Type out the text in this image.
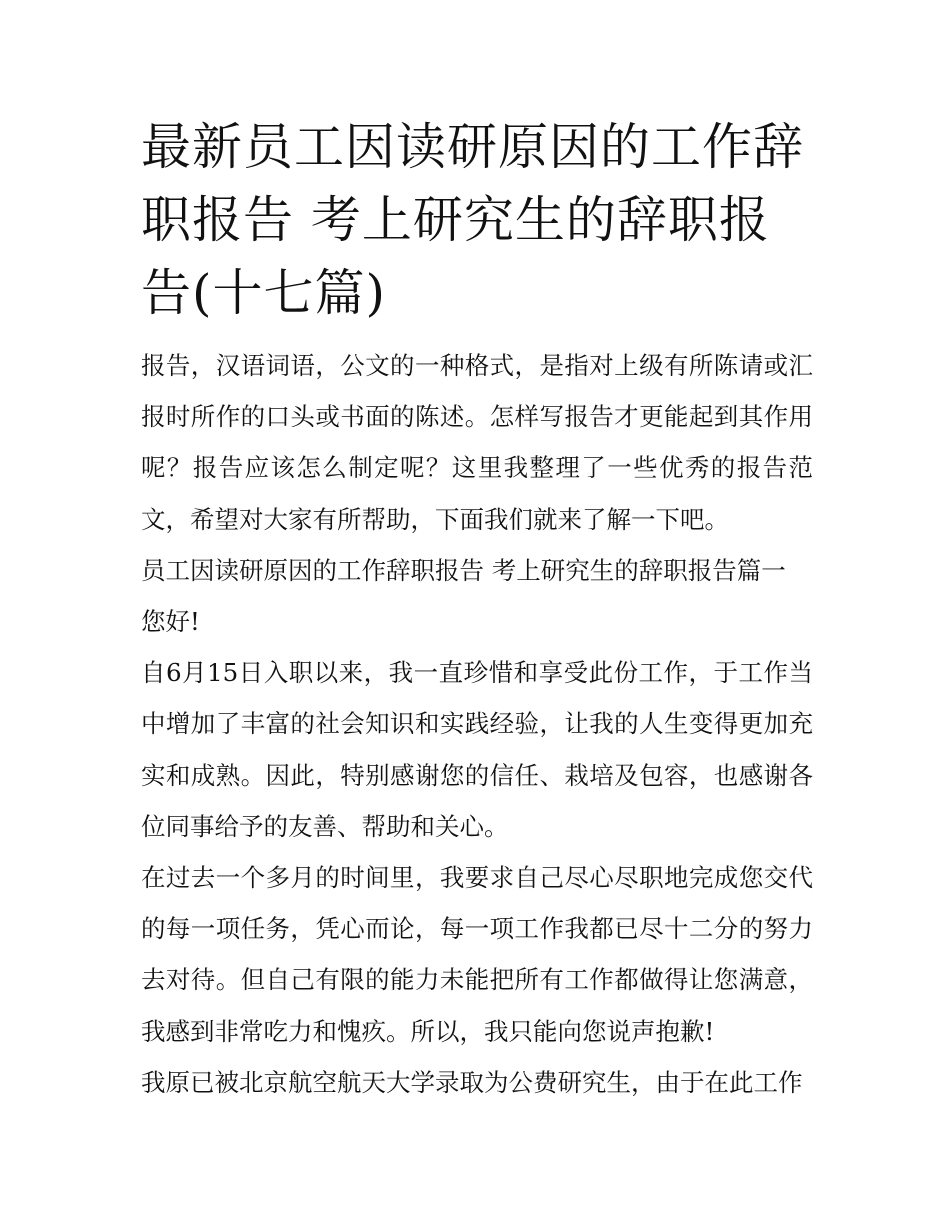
最新员工因读研原因的工作辞职报告 考上研究生的辞职报告(十七篇)

报告，汉语词语，公文的一种格式，是指对上级有所陈请或汇报时所作的口头或书面的陈述。怎样写报告才更能起到其作用呢？报告应该怎么制定呢？这里我整理了一些优秀的报告范文，希望对大家有所帮助，下面我们就来了解一下吧。

员工因读研原因的工作辞职报告 考上研究生的辞职报告篇一

您好!

自6月15日入职以来，我一直珍惜和享受此份工作，于工作当中增加了丰富的社会知识和实践经验，让我的人生变得更加充实和成熟。因此，特别感谢您的信任、栽培及包容，也感谢各位同事给予的友善、帮助和关心。

在过去一个多月的时间里，我要求自己尽心尽职地完成您交代的每一项任务，凭心而论，每一项工作我都已尽十二分的努力去对待。但自己有限的能力未能把所有工作都做得让您满意，我感到非常吃力和愧疚。所以，我只能向您说声抱歉!

我原已被北京航空航天大学录取为公费研究生，由于在此工作
